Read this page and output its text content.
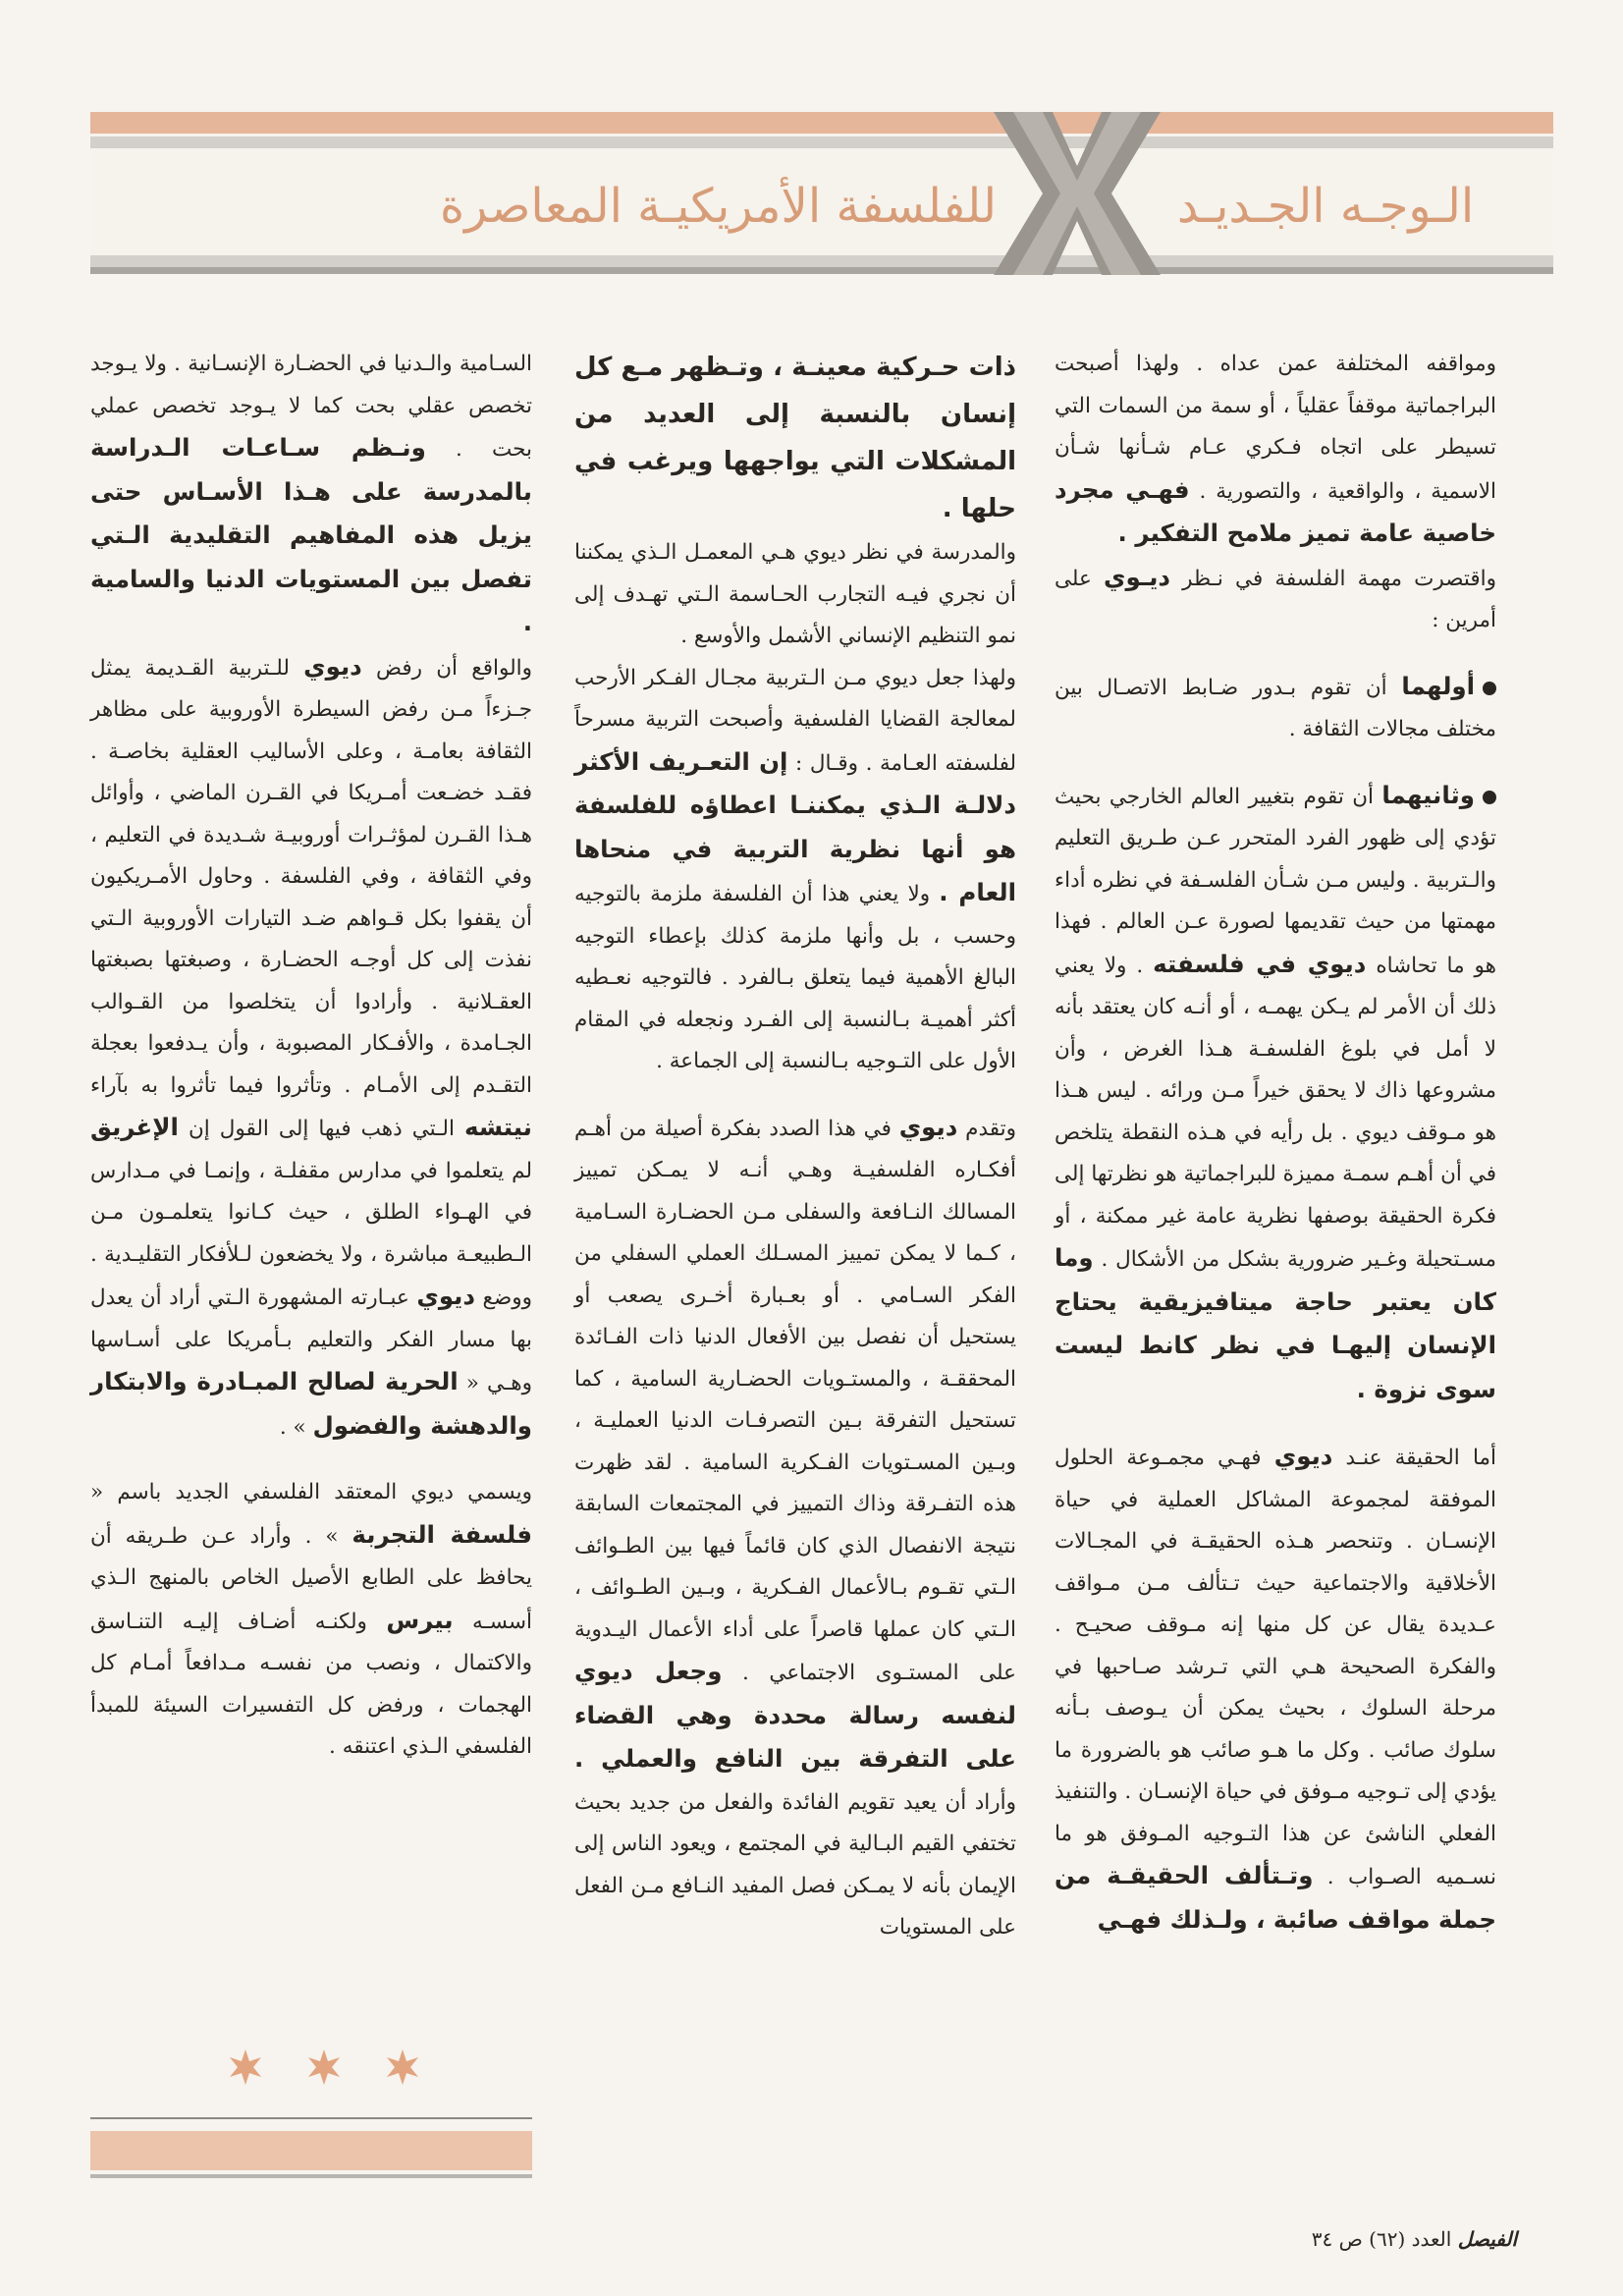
الـوجـه الجـديـد
للفلسفة الأمريكيـة المعاصرة

ومواقفه المختلفة عمن عداه . ولهذا أصبحت البراجماتية موقفاً عقلياً ، أو سمة من السمات التي تسيطر على اتجاه فـكري عـام شـأنها شـأن الاسمية ، والواقعية ، والتصورية . فهـي مجرد خاصية عامة تميز ملامح التفكير .

واقتصرت مهمة الفلسفة في نـظر ديـوي على أمرين :

أولهما أن تقوم بـدور ضـابط الاتصـال بين مختلف مجالات الثقافة .

وثانيهما أن تقوم بتغيير العالم الخارجي بحيث تؤدي إلى ظهور الفرد المتحرر عـن طـريق التعليم والـتربية . وليس مـن شـأن الفلسـفة في نظره أداء مهمتها من حيث تقديمها لصورة عـن العالم . فهذا هو ما تحاشاه ديوي في فلسفته . ولا يعني ذلك أن الأمر لم يـكن يهمـه ، أو أنـه كان يعتقد بأنه لا أمل في بلوغ الفلسفـة هـذا الغرض ، وأن مشروعها ذاك لا يحقق خيراً مـن ورائه . ليس هـذا هو مـوقف ديوي . بل رأيه في هـذه النقطة يتلخص في أن أهـم سمـة مميزة للبراجماتية هو نظرتها إلى فكرة الحقيقة بوصفها نظرية عامة غير ممكنة ، أو مسـتحيلة وغـير ضرورية بشكل من الأشكال . وما كان يعتبر حاجة ميتافيزيقية يحتاج الإنسان إليهـا في نظر كانط ليست سوى نزوة .

أما الحقيقة عنـد ديوي فهـي مجمـوعة الحلول الموفقة لمجموعة المشاكل العملية في حياة الإنسـان . وتنحصر هـذه الحقيقـة في المجـالات الأخلاقية والاجتماعية حيث تـتألف مـن مـواقف عـديدة يقال عن كل منها إنه مـوقف صحيـح . والفكرة الصحيحة هـي التي تـرشد صـاحبها في مرحلة السلوك ، بحيث يمكن أن يـوصف بـأنه سلوك صائب . وكل ما هـو صائب هو بالضرورة ما يؤدي إلى تـوجيه مـوفق في حياة الإنسـان . والتنفيذ الفعلي الناشئ عن هذا التـوجيه المـوفق هو ما نسـميه الصـواب . وتـتألف الحقيقـة من جملة مواقف صائبة ، ولـذلك فهـي

ذات حـركية معينـة ، وتـظهر مـع كل إنسان بالنسبة إلى العديد من المشكلات التي يواجهها ويرغب في حلها .

والمدرسة في نظر ديوي هـي المعمـل الـذي يمكننا أن نجري فيـه التجارب الحـاسمة الـتي تهـدف إلى نمو التنظيم الإنساني الأشمل والأوسع .

ولهذا جعل ديوي مـن الـتربية مجـال الفـكر الأرحب لمعالجة القضايا الفلسفية وأصبحت التربية مسرحاً لفلسفته العـامة . وقـال : إن التعـريف الأكثر دلالـة الـذي يمكننـا اعطاؤه للفلسفة هو أنها نظرية التربية في منحاها العام . ولا يعني هذا أن الفلسفة ملزمة بالتوجيه وحسب ، بل وأنها ملزمة كذلك بإعطاء التوجيه البالغ الأهمية فيما يتعلق بـالفرد . فالتوجيه نعـطيه أكثر أهميـة بـالنسبة إلى الفـرد ونجعله في المقام الأول على التـوجيه بـالنسبة إلى الجماعة .

وتقدم ديوي في هذا الصدد بفكرة أصيلة من أهـم أفكـاره الفلسفيـة وهـي أنـه لا يمـكن تمييز المسالك النـافعة والسفلى مـن الحضـارة السـامية ، كـما لا يمكن تمييز المسـلك العملي السفلي من الفكر السـامي . أو بعـبارة أخـرى يصعب أو يستحيل أن نفصل بين الأفعال الدنيا ذات الفـائدة المحققـة ، والمستـويات الحضـارية السامية ، كما تستحيل التفرقة بـين التصرفـات الدنيا العمليـة ، وبـين المسـتويات الفـكرية السامية . لقد ظهرت هذه التفـرقة وذاك التمييز في المجتمعات السابقة نتيجة الانفصال الذي كان قائماً فيها بين الطـوائف الـتي تقـوم بـالأعمال الفـكرية ، وبـين الطـوائف ، الـتي كان عملها قاصراً على أداء الأعمال اليـدوية على المستـوى الاجتماعي . وجعل ديوي لنفسه رسالة محددة وهي القضاء على التفرقة بين النافع والعملي . وأراد أن يعيد تقويم الفائدة والفعل من جديد بحيث تختفي القيم البـالية في المجتمع ، ويعود الناس إلى الإيمان بأنه لا يمـكن فصل المفيد النـافع مـن الفعل على المستويات

السـامية والـدنيا في الحضـارة الإنسـانية . ولا يـوجد تخصص عقلي بحت كما لا يـوجد تخصص عملي بحت . ونـظم سـاعـات الـدراسة بالمدرسة على هـذا الأسـاس حتى يزيل هذه المفاهيم التقليدية الـتي تفصل بين المستويات الدنيا والسامية .

والواقع أن رفض ديوي للـتربية القـديمة يمثل جـزءاً مـن رفض السيطرة الأوروبية على مظاهر الثقافة بعامـة ، وعلى الأساليب العقلية بخاصـة . فقـد خضـعت أمـريكا في القـرن الماضي ، وأوائل هـذا القـرن لمؤثـرات أوروبيـة شـديدة في التعليم ، وفي الثقافة ، وفي الفلسفة . وحاول الأمـريكيون أن يقفوا بكل قـواهم ضـد التيارات الأوروبية الـتي نفذت إلى كل أوجـه الحضـارة ، وصبغتها بصبغتها العقـلانية . وأرادوا أن يتخلصوا من القـوالب الجـامدة ، والأفـكار المصبوبة ، وأن يـدفعوا بعجلة التقـدم إلى الأمـام . وتأثروا فيما تأثروا به بآراء نيتشه الـتي ذهب فيها إلى القول إن الإغريق لم يتعلموا في مدارس مقفلـة ، وإنمـا في مـدارس في الهـواء الطلق ، حيث كـانوا يتعلمـون مـن الـطبيعـة مباشرة ، ولا يخضعون لـلأفكار التقليـدية . ووضع ديوي عبـارته المشهورة الـتي أراد أن يعدل بها مسار الفكر والتعليم بـأمريكا على أسـاسها وهـي « الحرية لصالح المبـادرة والابتكار والدهشة والفضول » .

ويسمي ديوي المعتقد الفلسفي الجديد باسم « فلسفة التجربة » . وأراد عـن طـريقه أن يحافظ على الطابع الأصيل الخاص بالمنهج الـذي أسسـه بيرس ولكنـه أضـاف إليـه التنـاسق والاكتمال ، ونصب من نفسـه مـدافعاً أمـام كل الهجمات ، ورفض كل التفسيرات السيئة للمبدأ الفلسفي الـذي اعتنقه .

الفيصل العدد (٦٢) ص ٣٤
